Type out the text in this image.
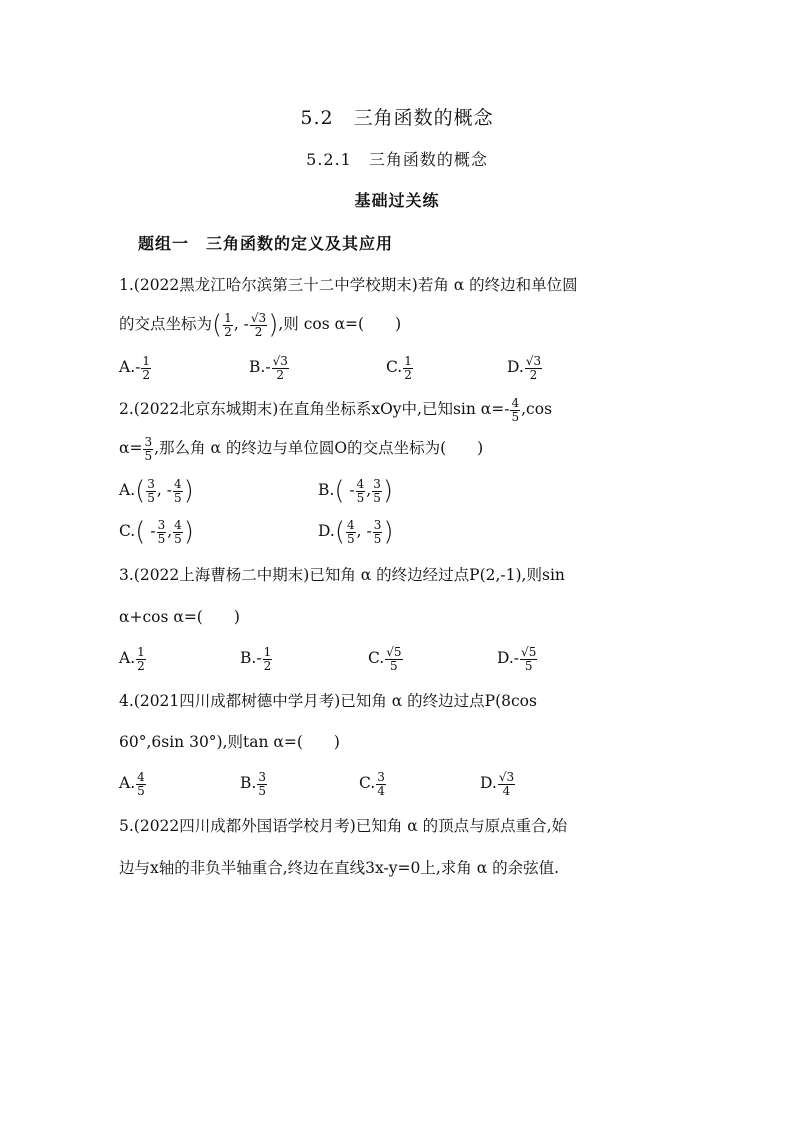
5.2　三角函数的概念
5.2.1　三角函数的概念
基础过关练
题组一　三角函数的定义及其应用
1.(2022黑龙江哈尔滨第三十二中学校期末)若角 α 的终边和单位圆
的交点坐标为( $\frac{1}{2}$ , - $\frac{√3}{2}$ ),则 cos α=(　　)
$A.- \frac{1}{2}$	$B.- \frac{√3}{2}$	C. $\frac{1}{2}$	D. $\frac{√3}{2}$
2.(2022北京东城期末)在直角坐标系xOy中,已知$\sin \alpha=- \frac{4}{5} ,\cos$
$\alpha= \frac{3}{5}$ ,那么角 α 的终边与单位圆O的交点坐标为(　　)
$A.( \frac{3}{5}$ , - $\frac{4}{5}$ )	$B.( - \frac{4}{5}$ , $\frac{3}{5}$ )
$C.( - \frac{3}{5}$ , $\frac{4}{5}$ )	$D.( \frac{4}{5}$ , - $\frac{3}{5}$ )
3.(2022上海曹杨二中期末)已知角 α 的终边经过点P(2,-1),则sin
α+cos α=(　　)
A. $\frac{1}{2}$	$B.- \frac{1}{2}$	C. $\frac{√5}{5}$	$D.- \frac{√5}{5}$
4.(2021四川成都树德中学月考)已知角 α 的终边过点P(8cos
60°,6sin 30°),则tan α=(　　)
A. $\frac{4}{5}$	B. $\frac{3}{5}$	C. $\frac{3}{4}$	D. $\frac{√3}{4}$
5.(2022四川成都外国语学校月考)已知角 α 的顶点与原点重合,始
边与x轴的非负半轴重合,终边在直线3x-y=0上,求角 α 的余弦值.
